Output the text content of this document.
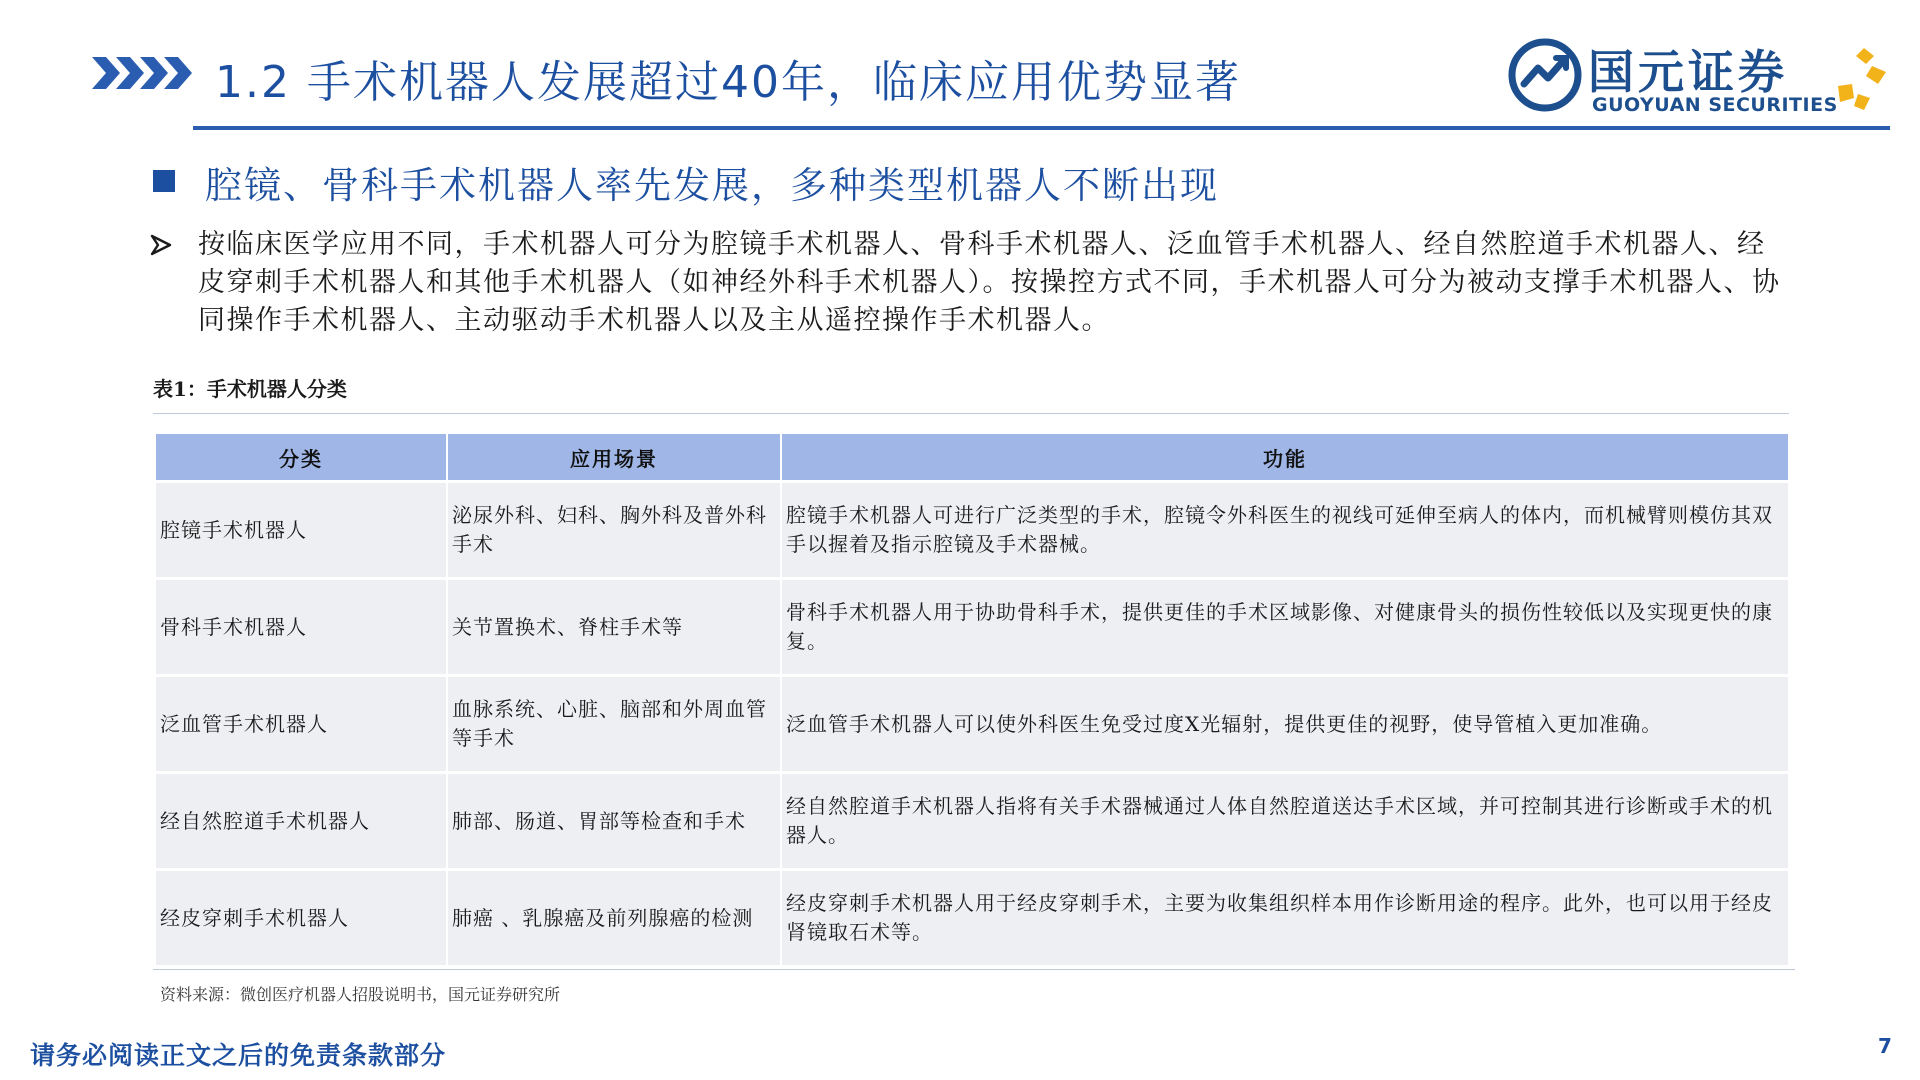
1.2 手术机器人发展超过40年，临床应用优势显著	国元证券
GUOYUAN SECURITIES
腔镜、骨科手术机器人率先发展，多种类型机器人不断出现
按临床医学应用不同，手术机器人可分为腔镜手术机器人、骨科手术机器人、泛血管手术机器人、经自然腔道手术机器人、经皮穿刺手术机器人和其他手术机器人（如神经外科手术机器人）。按操控方式不同，手术机器人可分为被动支撑手术机器人、协同操作手术机器人、主动驱动手术机器人以及主从遥控操作手术机器人。
表1：手术机器人分类
分类	应用场景	功能
腔镜手术机器人	泌尿外科、妇科、胸外科及普外科手术	腔镜手术机器人可进行广泛类型的手术，腔镜令外科医生的视线可延伸至病人的体内，而机械臂则模仿其双手以握着及指示腔镜及手术器械。
骨科手术机器人	关节置换术、脊柱手术等	骨科手术机器人用于协助骨科手术，提供更佳的手术区域影像、对健康骨头的损伤性较低以及实现更快的康复。
泛血管手术机器人	血脉系统、心脏、脑部和外周血管等手术	泛血管手术机器人可以使外科医生免受过度X光辐射，提供更佳的视野，使导管植入更加准确。
经自然腔道手术机器人	肺部、肠道、胃部等检查和手术	经自然腔道手术机器人指将有关手术器械通过人体自然腔道送达手术区域，并可控制其进行诊断或手术的机器人。
经皮穿刺手术机器人	肺癌 、乳腺癌及前列腺癌的检测	经皮穿刺手术机器人用于经皮穿刺手术，主要为收集组织样本用作诊断用途的程序。此外，也可以用于经皮肾镜取石术等。
资料来源：微创医疗机器人招股说明书，国元证券研究所
请务必阅读正文之后的免责条款部分	7
